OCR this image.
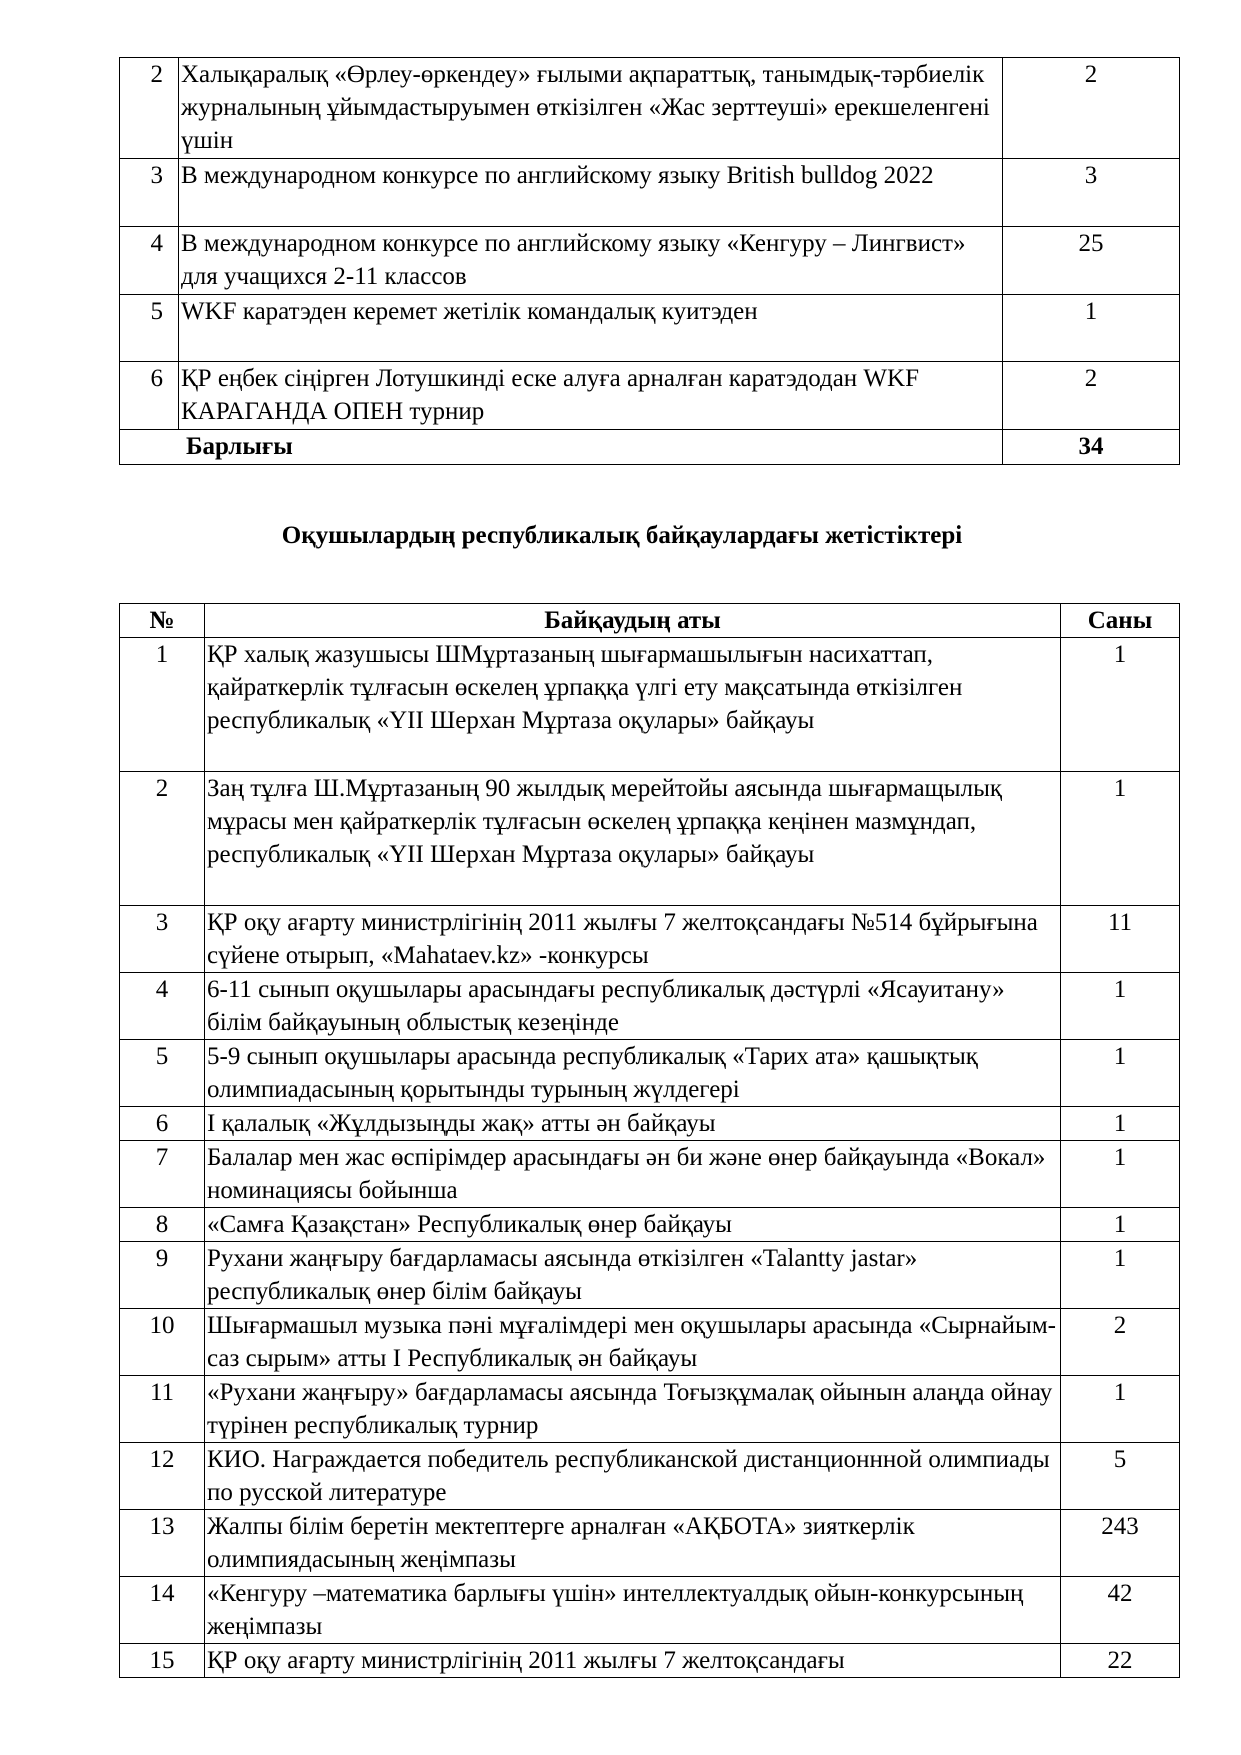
2	Халықаралық «Өрлеу-өркендеу» ғылыми ақпараттық, танымдық-тәрбиелік журналының ұйымдастыруымен өткізілген «Жас зерттеуші» ерекшеленгені үшін	2
3	В международном конкурсе по английскому языку British bulldog 2022	3
4	В международном конкурсе по английскому языку «Кенгуру – Лингвист» для учащихся 2-11 классов	25
5	WKF каратэден керемет жетілік командалық куитэден	1
6	ҚР еңбек сіңірген Лотушкинді еске алуға арналған каратэдодан WKF КАРАГАНДА ОПЕН турнир	2
Барлығы		34
Оқушылардың республикалық байқаулардағы жетістіктері
№	Байқаудың аты	Саны
1	ҚР халық жазушысы ШМұртазаның шығармашылығын насихаттап, қайраткерлік тұлғасын өскелең ұрпаққа үлгі ету мақсатында өткізілген республикалық «ҮІІ Шерхан Мұртаза оқулары» байқауы	1
2	Заң тұлға Ш.Мұртазаның 90 жылдық мерейтойы аясында шығармащылық мұрасы мен қайраткерлік тұлғасын өскелең ұрпаққа кеңінен мазмұндап, республикалық «ҮІІ Шерхан Мұртаза оқулары» байқауы	1
3	ҚР оқу ағарту министрлігінің 2011 жылғы 7 желтоқсандағы №514 бұйрығына сүйене отырып, «Mahataev.kz» -конкурсы	11
4	6-11 сынып оқушылары арасындағы республикалық дәстүрлі «Ясауитану» білім байқауының облыстық кезеңінде	1
5	5-9 сынып оқушылары арасында республикалық «Тарих ата» қашықтық олимпиадасының қорытынды турының жүлдегері	1
6	І қалалық «Жұлдызыңды жақ» атты ән байқауы	1
7	Балалар мен жас өспірімдер арасындағы ән би және өнер байқауында «Вокал» номинациясы бойынша	1
8	«Самға Қазақстан» Республикалық өнер байқауы	1
9	Рухани жаңғыру бағдарламасы аясында өткізілген «Talantty jastar» республикалық өнер білім байқауы	1
10	Шығармашыл музыка пәні мұғалімдері мен оқушылары арасында «Сырнайым-саз сырым» атты І Республикалық ән байқауы	2
11	«Рухани жаңғыру» бағдарламасы аясында Тоғызқұмалақ ойынын алаңда ойнау түрінен республикалық турнир	1
12	КИО. Награждается победитель республиканской дистанционнной олимпиады по русской литературе	5
13	Жалпы білім беретін мектептерге арналған «АҚБОТА» зияткерлік олимпиядасының жеңімпазы	243
14	«Кенгуру –математика барлығы үшін» интеллектуалдық ойын-конкурсының жеңімпазы	42
15	ҚР оқу ағарту министрлігінің 2011 жылғы 7 желтоқсандағы	22
